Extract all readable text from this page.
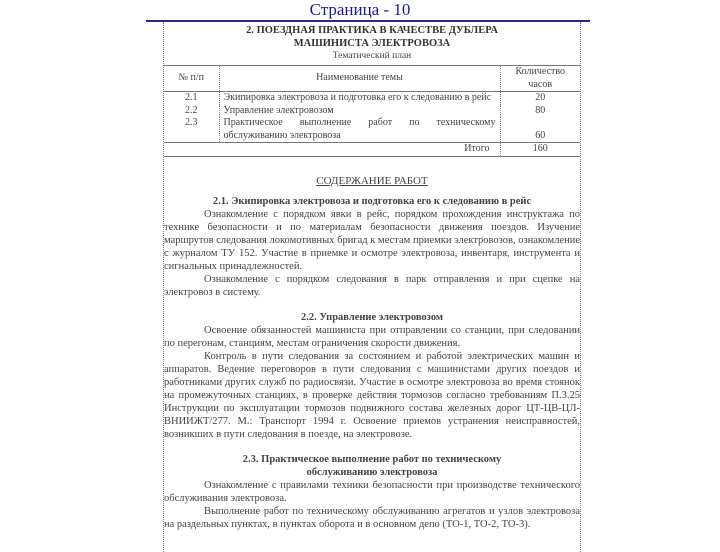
Страница - 10
2. ПОЕЗДНАЯ ПРАКТИКА В КАЧЕСТВЕ ДУБЛЕРА
МАШИНИСТА ЭЛЕКТРОВОЗА
Тематический план
№ п/п	Наименование темы	Количество часов
2.1	Экипировка электровоза и подготовка его к следованию в рейс	20
2.2	Управление электровозом	80
2.3	Практическое выполнение работ по техническому обслуживанию электровоза	60
Итого		160
СОДЕРЖАНИЕ РАБОТ
2.1. Экипировка электровоза и подготовка его к следованию в рейс

Ознакомление с порядком явки в рейс, порядком прохождения инструктажа по технике безопасности и по материалам безопасности движения поездов. Изучение маршрутов следования локомотивных бригад к местам приемки электровозов, ознакомление с журналом ТУ 152. Участие в приемке и осмотре электровоза, инвентаря, инструмента и сигнальных принадлежностей.

Ознакомление с порядком следования в парк отправления и при сцепке на электровоз в систему.

2.2. Управление электровозом

Освоение обязанностей машиниста при отправлении со станции, при следовании по перегонам, станциям, местам ограничения скорости движения.

Контроль в пути следования за состоянием и работой электрических машин и аппаратов. Ведение переговоров в пути следования с машинистами других поездов и работниками других служб по радиосвязи. Участие в осмотре электровоза во время стоянок на промежуточных станциях, в проверке действия тормозов согласно требованиям П.3.25 Инструкции по эксплуатации тормозов подвижного состава железных дорог ЦТ-ЦВ-ЦЛ-ВНИИЖТ/277. М.: Транспорт 1994 г. Освоение приемов устранения неисправностей, возникших в пути следования в поезде, на электровозе.

2.3. Практическое выполнение работ по техническому обслуживанию электровоза

Ознакомление с правилами техники безопасности при производстве технического обслуживания электровоза.

Выполнение работ по техническому обслуживанию агрегатов и узлов электровоза на раздельных пунктах, в пунктах оборота и в основном депо (ТО-1, ТО-2, ТО-3).
